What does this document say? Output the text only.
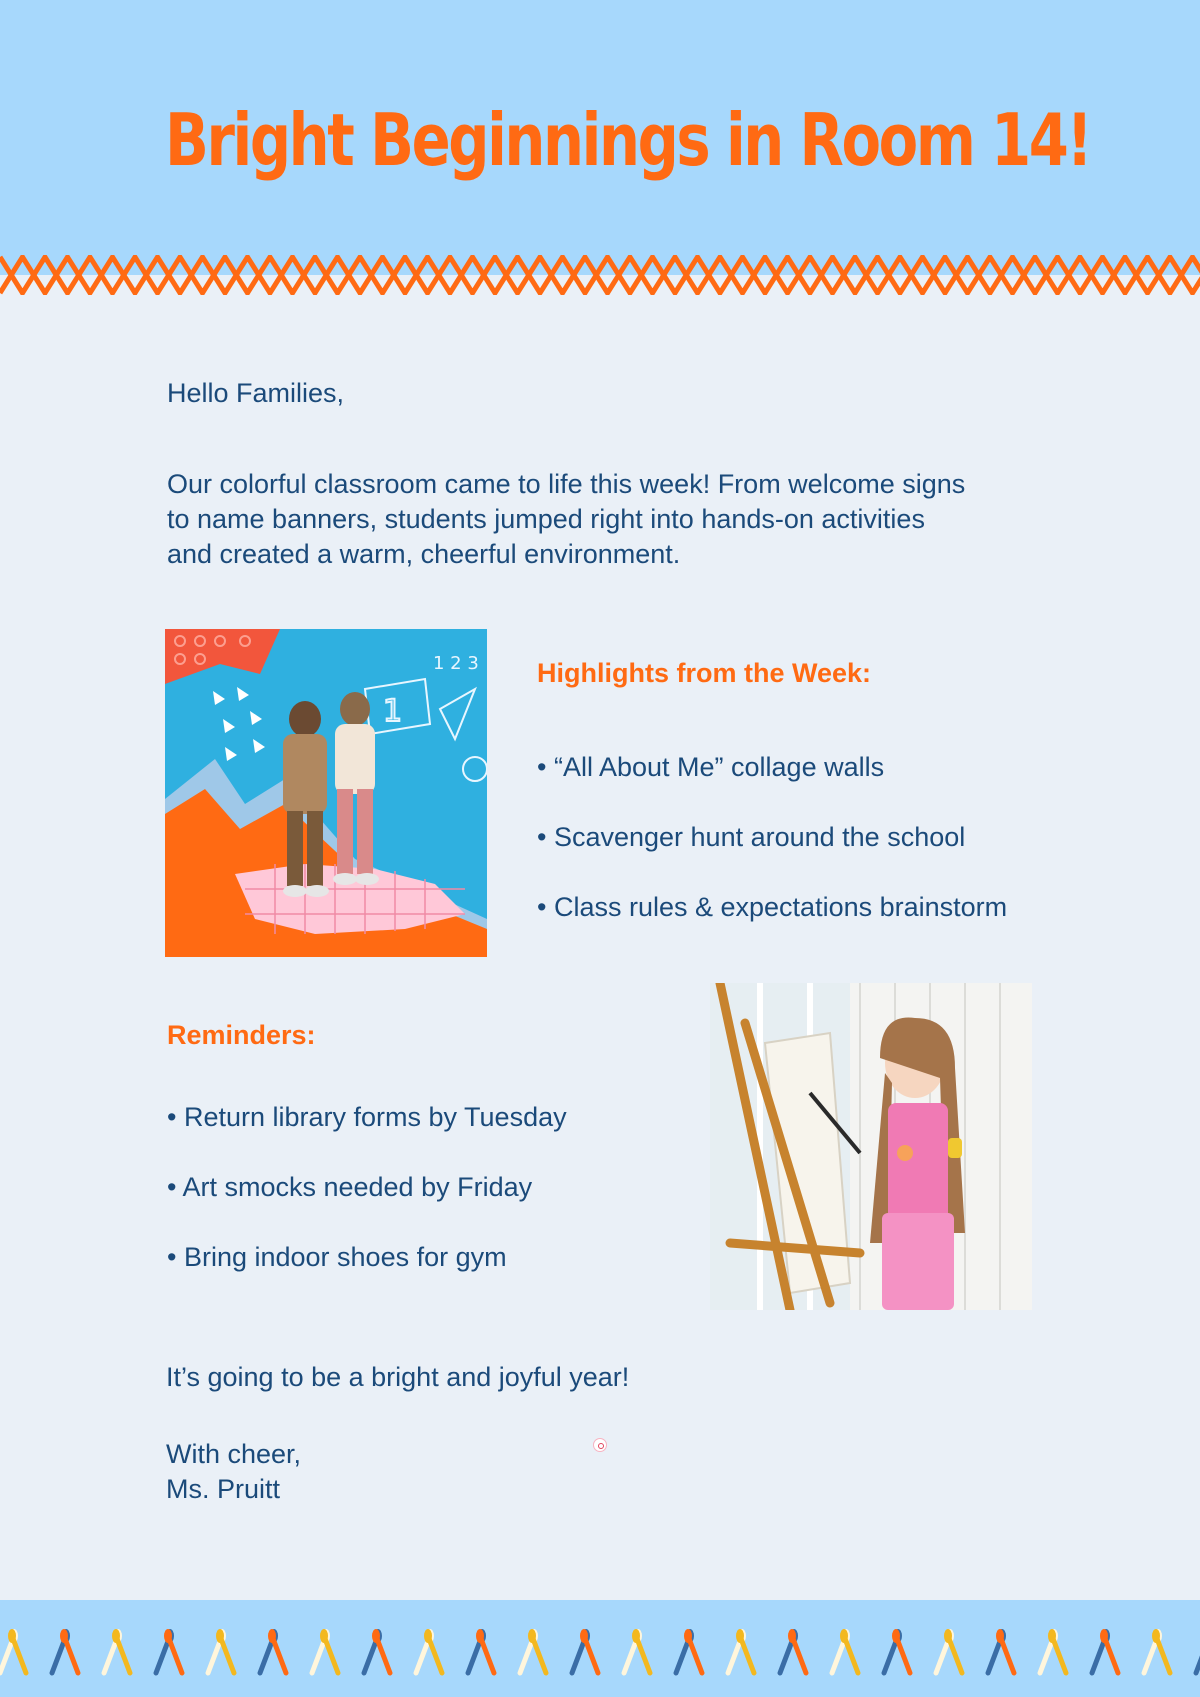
Bright Beginnings in Room 14!

Hello Families,

Our colorful classroom came to life this week! From welcome signs to name banners, students jumped right into hands-on activities and created a warm, cheerful environment.

1
1 2 3 Highlights from the Week:
• “All About Me” collage walls
• Scavenger hunt around the school
• Class rules & expectations brainstorm
Reminders:
• Return library forms by Tuesday
• Art smocks needed by Friday
• Bring indoor shoes for gym

It’s going to be a bright and joyful year!

With cheer,

Ms. Pruitt
